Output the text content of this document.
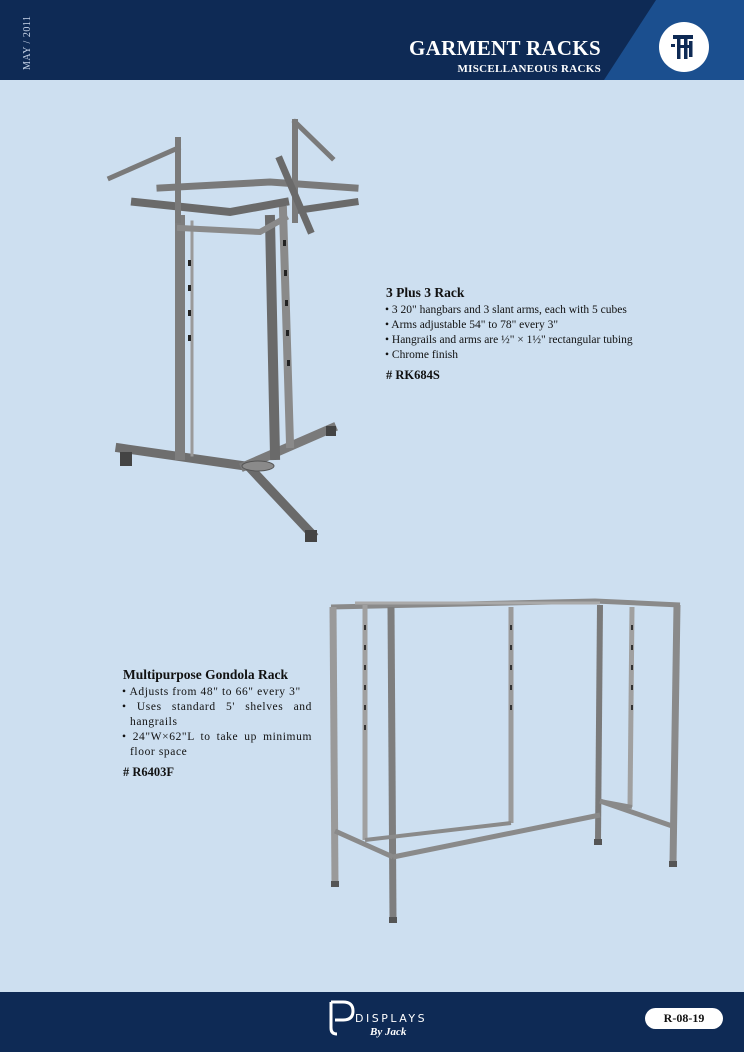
MAY / 2011	GARMENT RACKS
MISCELLANEOUS RACKS
3 Plus 3 Rack
• 3 20" hangbars and 3 slant arms, each with 5 cubes
• Arms adjustable 54" to 78" every 3"
• Hangrails and arms are ½" × 1½" rectangular tubing
• Chrome finish
# RK684S
Multipurpose Gondola Rack
• Adjusts from 48" to 66" every 3"
• Uses standard 5' shelves and hangrails
• 24"W×62"L to take up minimum floor space
# R6403F
DISPLAYS
By Jack
R-08-19
